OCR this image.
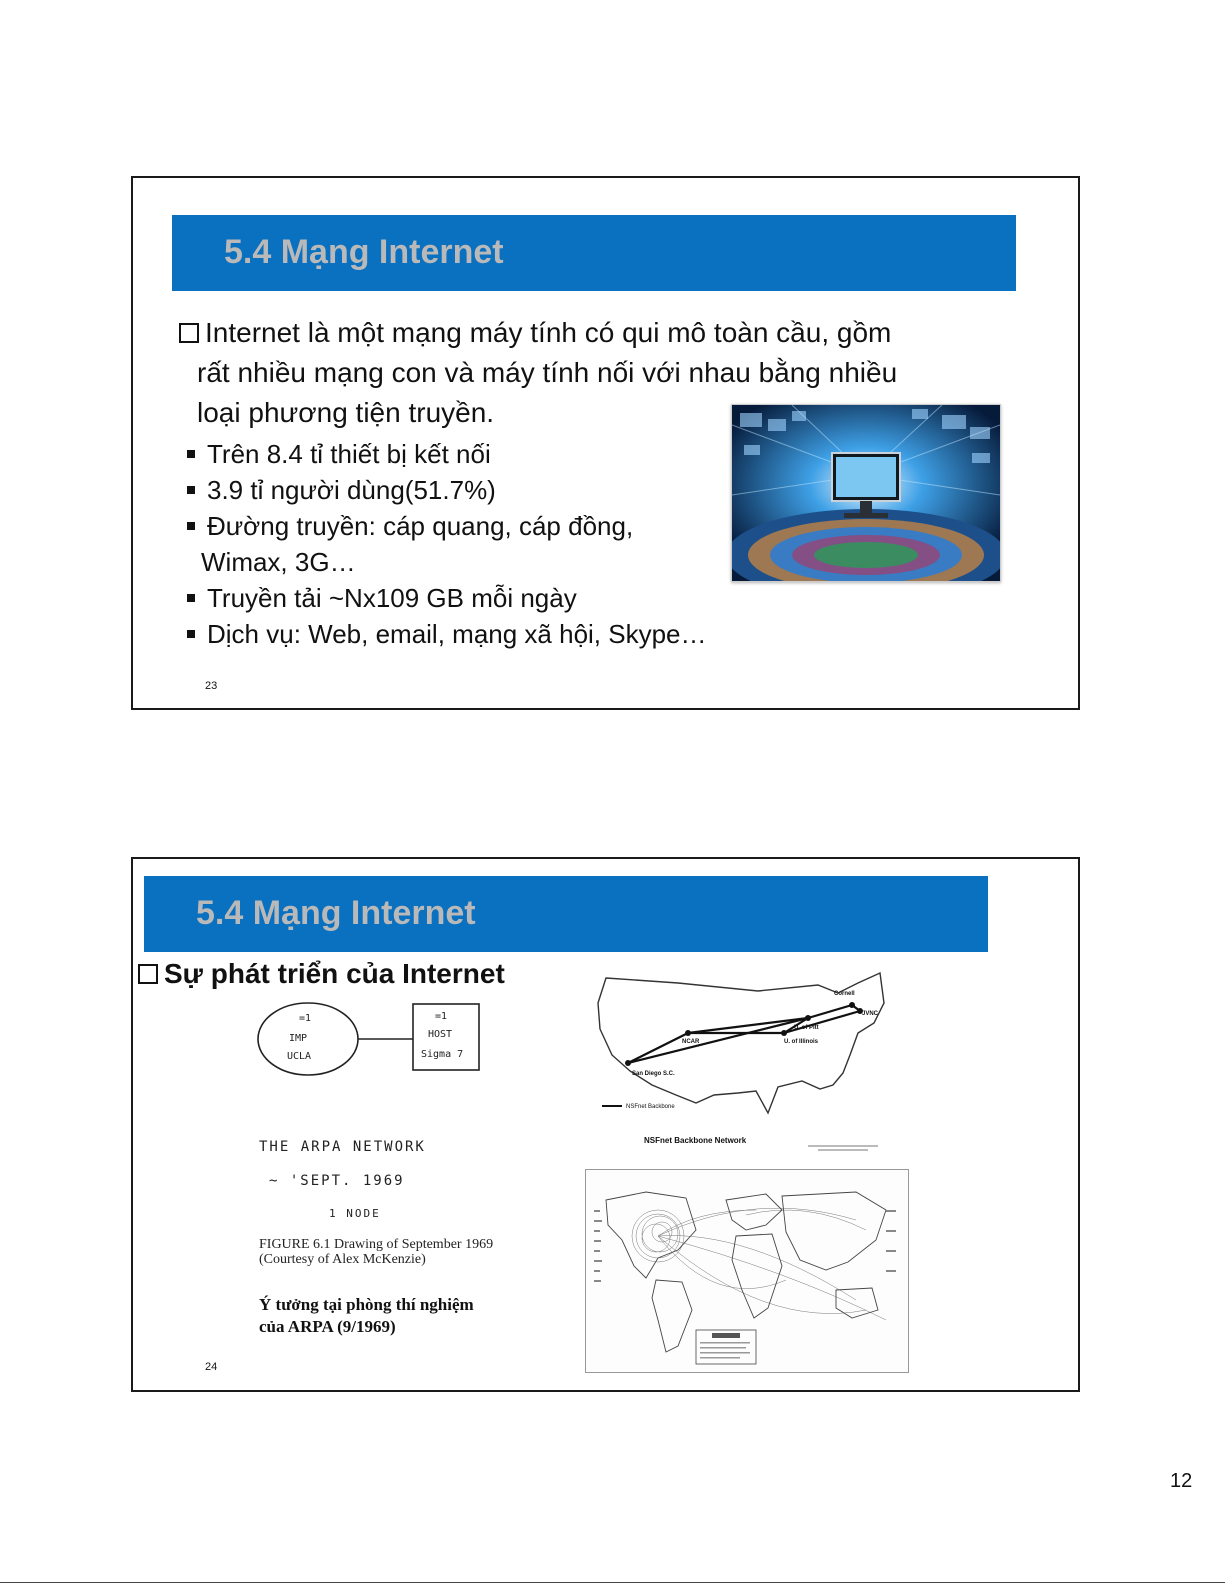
5.4 Mạng Internet
Internet là một mạng máy tính có qui mô toàn cầu, gồm
rất nhiều mạng con và máy tính nối với nhau bằng nhiều
loại phương tiện truyền.
Trên 8.4 tỉ thiết bị kết nối
3.9 tỉ người dùng(51.7%)
Đường truyền: cáp quang, cáp đồng,
Wimax, 3G…
Truyền tải ~Nx109 GB mỗi ngày
Dịch vụ: Web, email, mạng xã hội, Skype…
23
5.4 Mạng Internet
Sự phát triển của Internet
=1
IMP
UCLA
=1
HOST
Sigma 7
THE ARPA NETWORK
~ 'SEPT. 1969
1 NODE
FIGURE 6.1 Drawing of September 1969
(Courtesy of Alex McKenzie)
Ý tưởng tại phòng thí nghiệm
của ARPA (9/1969)
Cornell
JVNC
U. of Pitt
NCAR	U. of Illinois
San Diego S.C.
NSFnet Backbone
NSFnet Backbone Network
24
12
